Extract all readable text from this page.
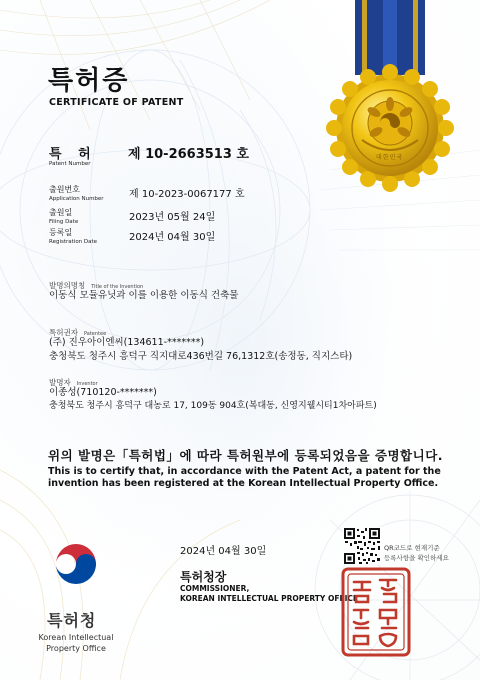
대한민국
특허증
CERTIFICATE OF PATENT
특 허
Patent Number
제 10-2663513 호
출원번호
Application Number	제 10-2023-0067177 호
출원일
Filing Date	2023년 05월 24일
등록일
Registration Date	2024년 04월 30일
발명의명칭 Title of the Invention
이동식 모듈유닛과 이를 이용한 이동식 건축물
특허권자 Patentee
(주) 진우아이엔씨(134611-*******)
충청북도 청주시 흥덕구 직지대로436번길 76,1312호(송정동, 직지스타)
발명자 Inventor
이종성(710120-*******)
충청북도 청주시 흥덕구 대농로 17, 109동 904호(복대동, 신영지웰시티1차아파트)
위의 발명은「특허법」에 따라 특허원부에 등록되었음을 증명합니다.
This is to certify that, in accordance with the Patent Act, a patent for the invention has been registered at the Korean Intellectual Property Office.
2024년 04월 30일
특허청장
COMMISSIONER,
KOREAN INTELLECTUAL PROPERTY OFFICE
특허청
Korean Intellectual Property Office
QR코드로 현재기준
등록사항을 확인하세요
